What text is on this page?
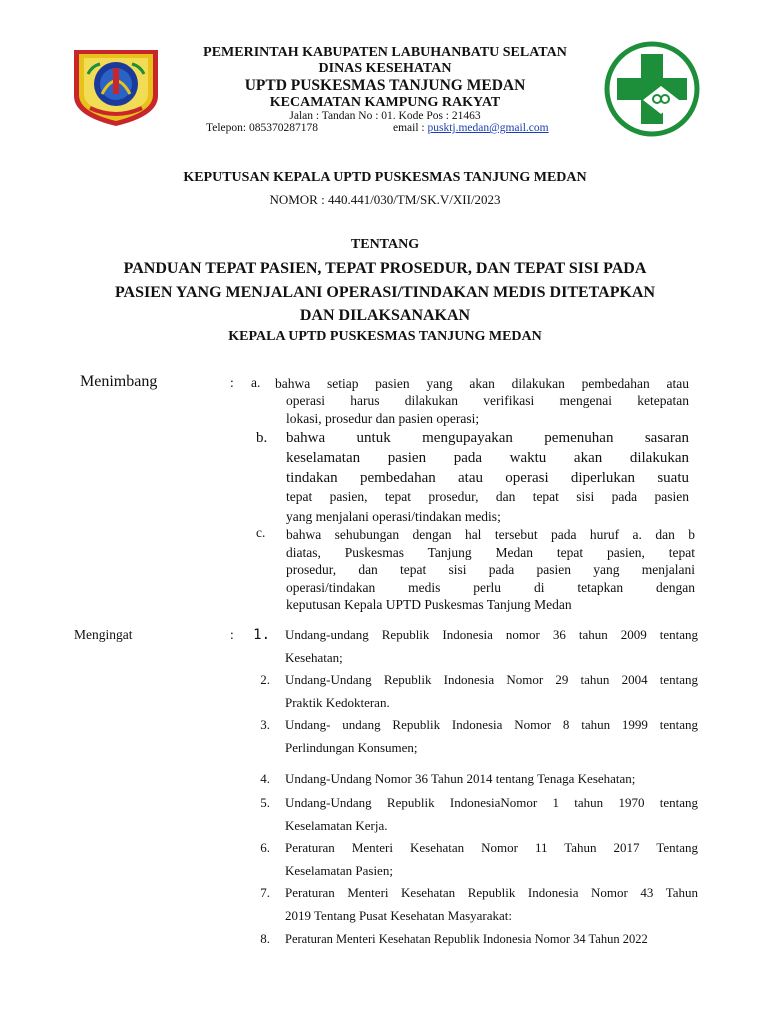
PEMERINTAH KABUPATEN LABUHANBATU SELATAN
DINAS KESEHATAN
UPTD PUSKESMAS TANJUNG MEDAN
KECAMATAN KAMPUNG RAKYAT
Jalan : Tandan No : 01. Kode Pos : 21463
Telepon: 085370287178	email : pusktj.medan@gmail.com
KEPUTUSAN KEPALA UPTD PUSKESMAS TANJUNG MEDAN
NOMOR : 440.441/030/TM/SK.V/XII/2023
TENTANG
PANDUAN TEPAT PASIEN, TEPAT PROSEDUR, DAN TEPAT SISI PADA
PASIEN YANG MENJALANI OPERASI/TINDAKAN MEDIS DITETAPKAN
DAN DILAKSANAKAN
KEPALA UPTD PUSKESMAS TANJUNG MEDAN
Menimbang	: a. bahwa setiap pasien yang akan dilakukan pembedahan atau
operasi harus dilakukan verifikasi mengenai ketepatan
lokasi, prosedur dan pasien operasi;
b. bahwa untuk mengupayakan pemenuhan sasaran
keselamatan pasien pada waktu akan dilakukan
tindakan pembedahan atau operasi diperlukan suatu
tepat pasien, tepat prosedur, dan tepat sisi pada pasien
yang menjalani operasi/tindakan medis;
c. bahwa sehubungan dengan hal tersebut pada huruf a. dan b
diatas, Puskesmas Tanjung Medan tepat pasien, tepat
prosedur, dan tepat sisi pada pasien yang menjalani
operasi/tindakan medis perlu di tetapkan dengan
keputusan Kepala UPTD Puskesmas Tanjung Medan
Mengingat	: 1. Undang-undang Republik Indonesia nomor 36 tahun 2009 tentang
Kesehatan;
2. Undang-Undang Republik Indonesia Nomor 29 tahun 2004 tentang
Praktik Kedokteran.
3. Undang- undang Republik Indonesia Nomor 8 tahun 1999 tentang
Perlindungan Konsumen;
4. Undang-Undang Nomor 36 Tahun 2014 tentang Tenaga Kesehatan;
5. Undang-Undang Republik IndonesiaNomor 1 tahun 1970 tentang
Keselamatan Kerja.
6. Peraturan Menteri Kesehatan Nomor 11 Tahun 2017 Tentang
Keselamatan Pasien;
7. Peraturan Menteri Kesehatan Republik Indonesia Nomor 43 Tahun
2019 Tentang Pusat Kesehatan Masyarakat:
8. Peraturan Menteri Kesehatan Republik Indonesia Nomor 34 Tahun 2022
